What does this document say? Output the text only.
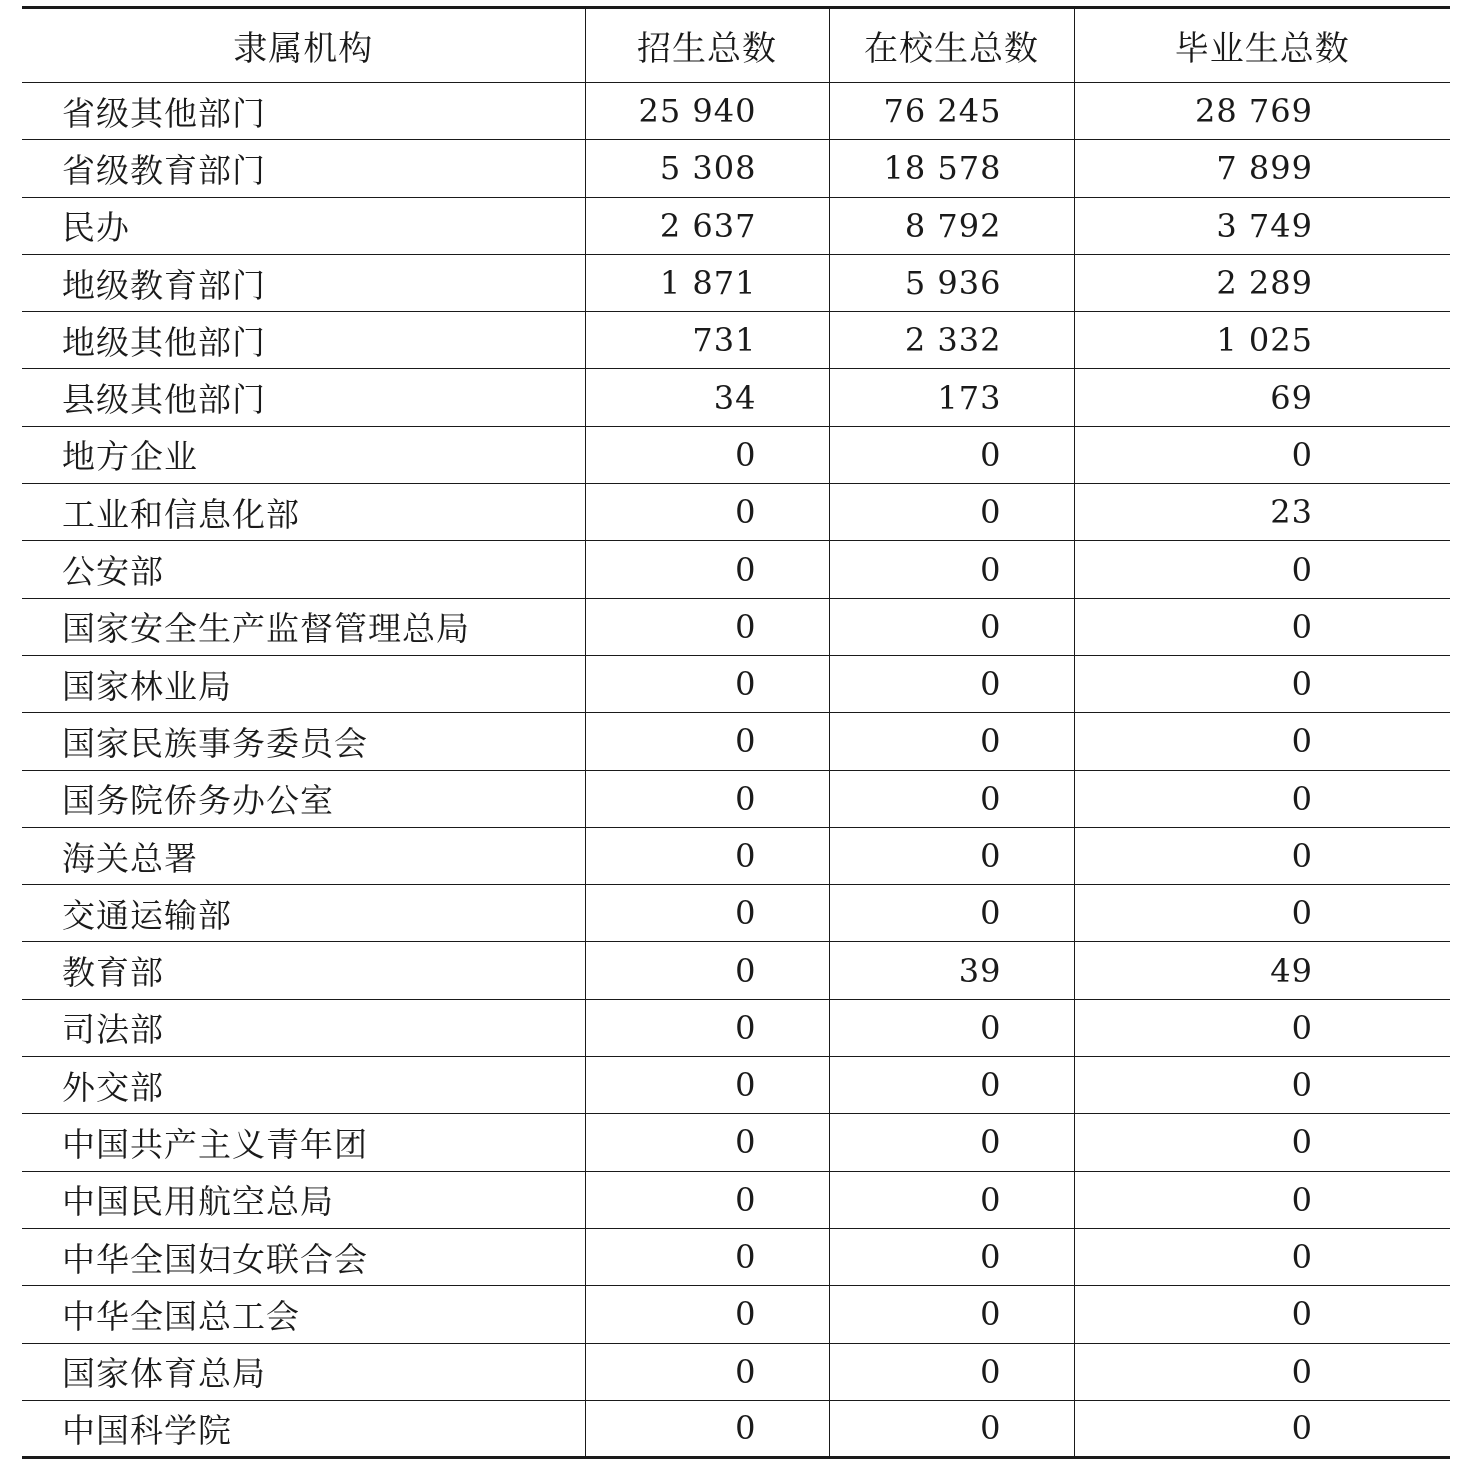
隶属机构	招生总数	在校生总数	毕业生总数
省级其他部门	25 940	76 245	28 769
省级教育部门	5 308	18 578	7 899
民办	2 637	8 792	3 749
地级教育部门	1 871	5 936	2 289
地级其他部门	731	2 332	1 025
县级其他部门	34	173	69
地方企业	0	0	0
工业和信息化部	0	0	23
公安部	0	0	0
国家安全生产监督管理总局	0	0	0
国家林业局	0	0	0
国家民族事务委员会	0	0	0
国务院侨务办公室	0	0	0
海关总署	0	0	0
交通运输部	0	0	0
教育部	0	39	49
司法部	0	0	0
外交部	0	0	0
中国共产主义青年团	0	0	0
中国民用航空总局	0	0	0
中华全国妇女联合会	0	0	0
中华全国总工会	0	0	0
国家体育总局	0	0	0
中国科学院	0	0	0
